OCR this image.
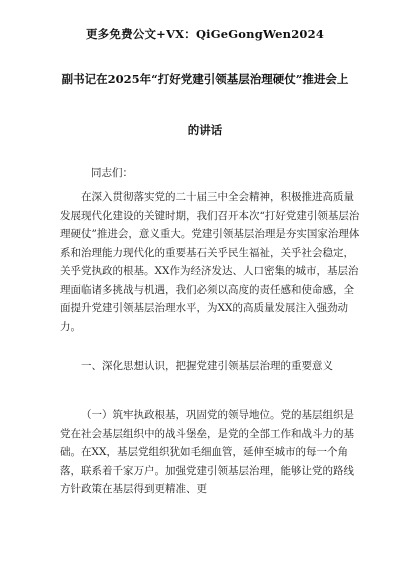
更多免费公文+VX：QiGeGongWen2024
副书记在2025年“打好党建引领基层治理硬仗”推进会上
的讲话
同志们：
在深入贯彻落实党的二十届三中全会精神，积极推进高质量发展现代化建设的关键时期，我们召开本次“打好党建引领基层治理硬仗”推进会，意义重大。党建引领基层治理是夯实国家治理体系和治理能力现代化的重要基石关乎民生福祉，关乎社会稳定，关乎党执政的根基。XX作为经济发达、人口密集的城市，基层治理面临诸多挑战与机遇，我们必须以高度的责任感和使命感，全面提升党建引领基层治理水平，为XX的高质量发展注入强劲动力。
一、深化思想认识，把握党建引领基层治理的重要意义
（一）筑牢执政根基，巩固党的领导地位。党的基层组织是党在社会基层组织中的战斗堡垒，是党的全部工作和战斗力的基础。在XX，基层党组织犹如毛细血管，延伸至城市的每一个角落，联系着千家万户。加强党建引领基层治理，能够让党的路线方针政策在基层得到更精准、更
